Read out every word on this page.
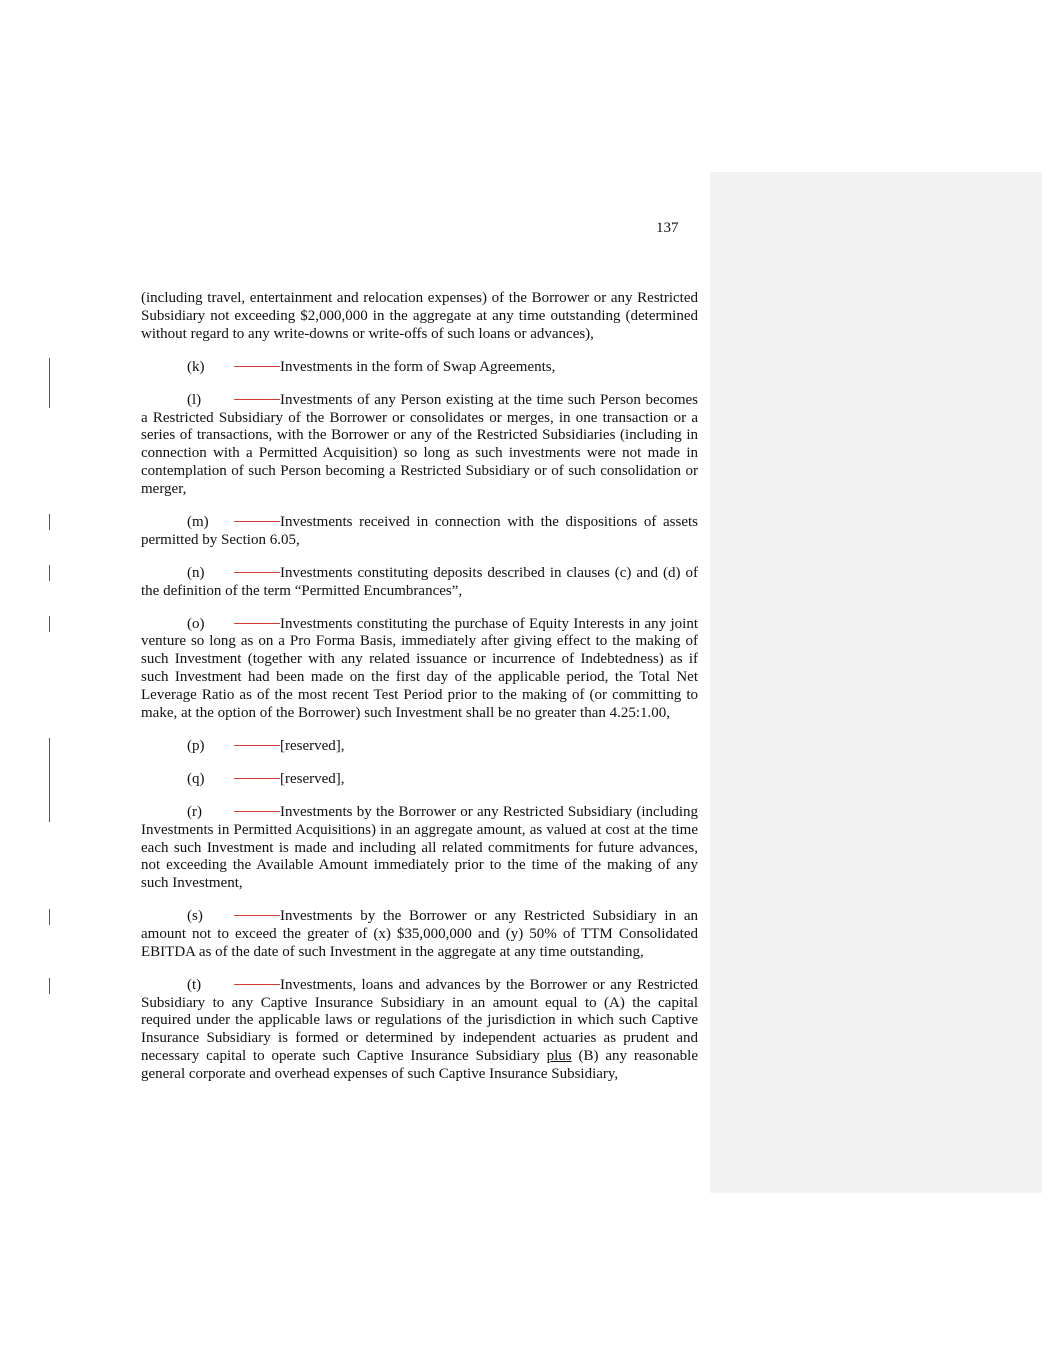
137

(including travel, entertainment and relocation expenses) of the Borrower or any Restricted Subsidiary not exceeding $2,000,000 in the aggregate at any time outstanding (determined without regard to any write-downs or write-offs of such loans or advances),

(k)	Investments in the form of Swap Agreements,

(l)	Investments of any Person existing at the time such Person becomes a Restricted Subsidiary of the Borrower or consolidates or merges, in one transaction or a series of transactions, with the Borrower or any of the Restricted Subsidiaries (including in connection with a Permitted Acquisition) so long as such investments were not made in contemplation of such Person becoming a Restricted Subsidiary or of such consolidation or merger,

(m)	Investments received in connection with the dispositions of assets permitted by Section 6.05,

(n)	Investments constituting deposits described in clauses (c) and (d) of the definition of the term “Permitted Encumbrances”,

(o)	Investments constituting the purchase of Equity Interests in any joint venture so long as on a Pro Forma Basis, immediately after giving effect to the making of such Investment (together with any related issuance or incurrence of Indebtedness) as if such Investment had been made on the first day of the applicable period, the Total Net Leverage Ratio as of the most recent Test Period prior to the making of (or committing to make, at the option of the Borrower) such Investment shall be no greater than 4.25:1.00,

(p)	[reserved],

(q)	[reserved],

(r)	Investments by the Borrower or any Restricted Subsidiary (including Investments in Permitted Acquisitions) in an aggregate amount, as valued at cost at the time each such Investment is made and including all related commitments for future advances, not exceeding the Available Amount immediately prior to the time of the making of any such Investment,

(s)	Investments by the Borrower or any Restricted Subsidiary in an amount not to exceed the greater of (x) $35,000,000 and (y) 50% of TTM Consolidated EBITDA as of the date of such Investment in the aggregate at any time outstanding,

(t)	Investments, loans and advances by the Borrower or any Restricted Subsidiary to any Captive Insurance Subsidiary in an amount equal to (A) the capital required under the applicable laws or regulations of the jurisdiction in which such Captive Insurance Subsidiary is formed or determined by independent actuaries as prudent and necessary capital to operate such Captive Insurance Subsidiary plus (B) any reasonable general corporate and overhead expenses of such Captive Insurance Subsidiary,
